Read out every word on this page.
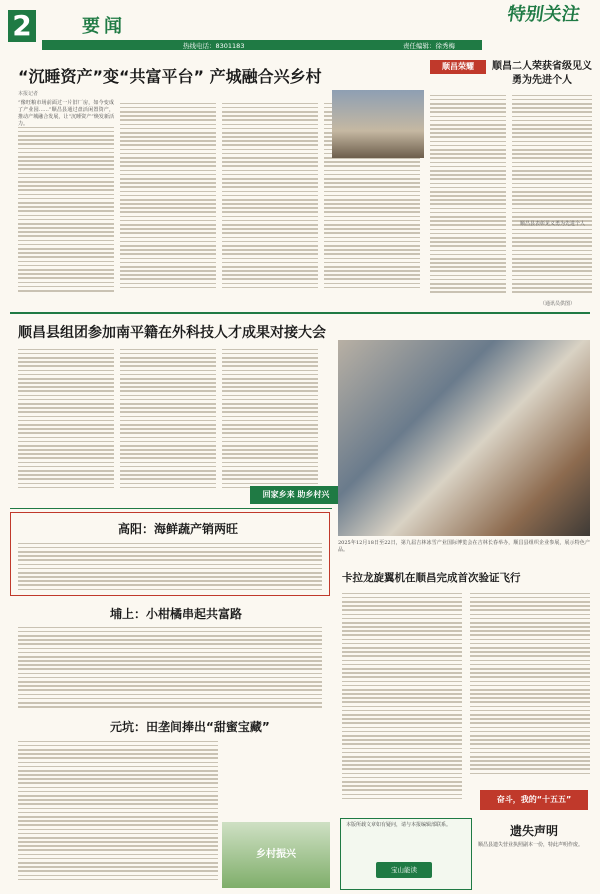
2	要闻
热线电话：8301183	责任编辑：徐秀梅
特别关注
“沉睡资产”变“共富平台” 产城融合兴乡村
本报记者
“像旺粮市场前面过一片旧厂房，如今变成了产业园……”顺昌县通过盘活闲置资产，推动产城融合发展，让“沉睡资产”焕发新活力。
顺昌荣耀	顺昌二人荣获省级见义勇为先进个人
顺昌县表彰见义勇为先进个人
（通讯员供图）
顺昌县组团参加南平籍在外科技人才成果对接大会
回家乡来 助乡村兴
2025年12月18日至22日，第九届吉林冰雪产业国际博览会在吉林长春举办，顺昌县组织企业参展，展示特色产品。
高阳：海鲜蔬产销两旺
埔上：小柑橘串起共富路
元坑：田垄间捧出“甜蜜宝藏”
乡村振兴
卡拉龙旋翼机在顺昌完成首次验证飞行
奋斗，我的“十五五”
本版所载文章如有疑问，请与本报编辑部联系。
宝山能读
遗失声明
顺昌县遗失营业执照副本一份，特此声明作废。
